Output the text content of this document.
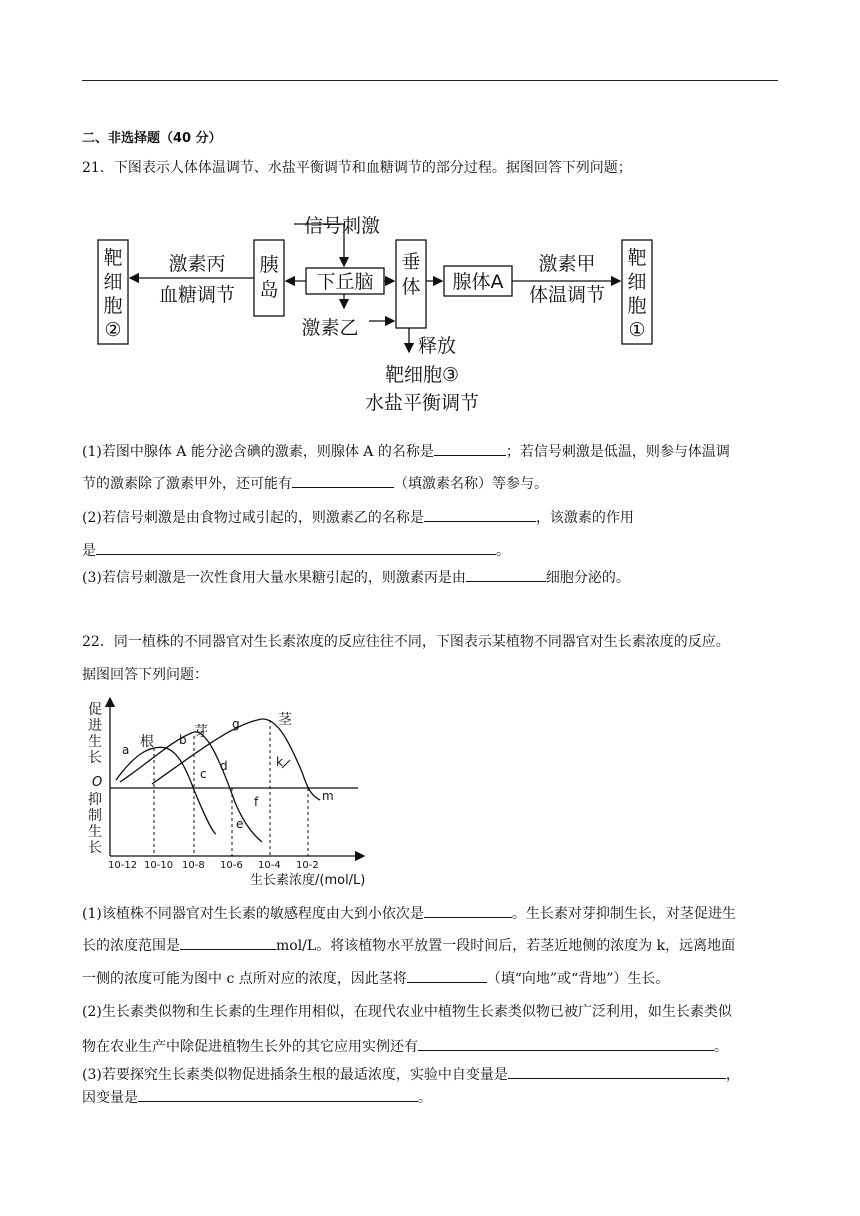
二、非选择题（40 分）
21．下图表示人体体温调节、水盐平衡调节和血糖调节的部分过程。据图回答下列问题；
靶
细
胞
②
激素丙
血糖调节
胰
岛
信号刺激
下丘脑
激素乙
垂
体 腺体A
激素甲
体温调节
靶
细
胞
①
释放
靶细胞③
水盐平衡调节
(1)若图中腺体 A 能分泌含碘的激素，则腺体 A 的名称是	；若信号刺激是低温，则参与体温调
节的激素除了激素甲外，还可能有	（填激素名称）等参与。
(2)若信号刺激是由食物过咸引起的，则激素乙的名称是	，该激素的作用
是	。
(3)若信号刺激是一次性食用大量水果糖引起的，则激素丙是由	细胞分泌的。
22．同一植株的不同器官对生长素浓度的反应往往不同，下图表示某植物不同器官对生长素浓度的反应。
据图回答下列问题：
促
进
生
长
O
抑
制
生
长
生长素浓度/(mol/L)
10-12 10-10 10-8 10-6 10-4 10-2
根
芽
茎
a
b
c
d
e
f
g
k
m
(1)该植株不同器官对生长素的敏感程度由大到小依次是	。生长素对芽抑制生长，对茎促进生
长的浓度范围是	mol/L。将该植物水平放置一段时间后，若茎近地侧的浓度为 k，远离地面
一侧的浓度可能为图中 c 点所对应的浓度，因此茎将	（填“向地”或“背地”）生长。
(2)生长素类似物和生长素的生理作用相似，在现代农业中植物生长素类似物已被广泛利用，如生长素类似
物在农业生产中除促进植物生长外的其它应用实例还有	。
(3)若要探究生长素类似物促进插条生根的最适浓度，实验中自变量是	，
因变量是	。
